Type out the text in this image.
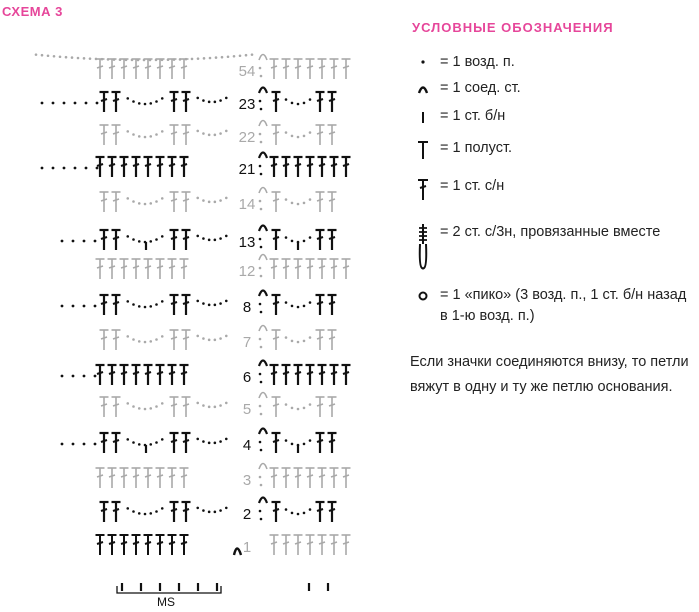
СХЕМА 3
УСЛОВНЫЕ ОБОЗНАЧЕНИЯ
54
23
22
21
14
13
12
8
7
6
5
4
3
2
1
MS
= 1 возд. п.
= 1 соед. ст.
= 1 ст. б/н
= 1 полуст.
= 1 ст. с/н
= 2 ст. с/3н, провязанные вместе
= 1 «пико» (3 возд. п., 1 ст. б/н назад в 1-ю возд. п.)
Если значки соединяются внизу, то петли вяжут в одну и ту же петлю основания.
